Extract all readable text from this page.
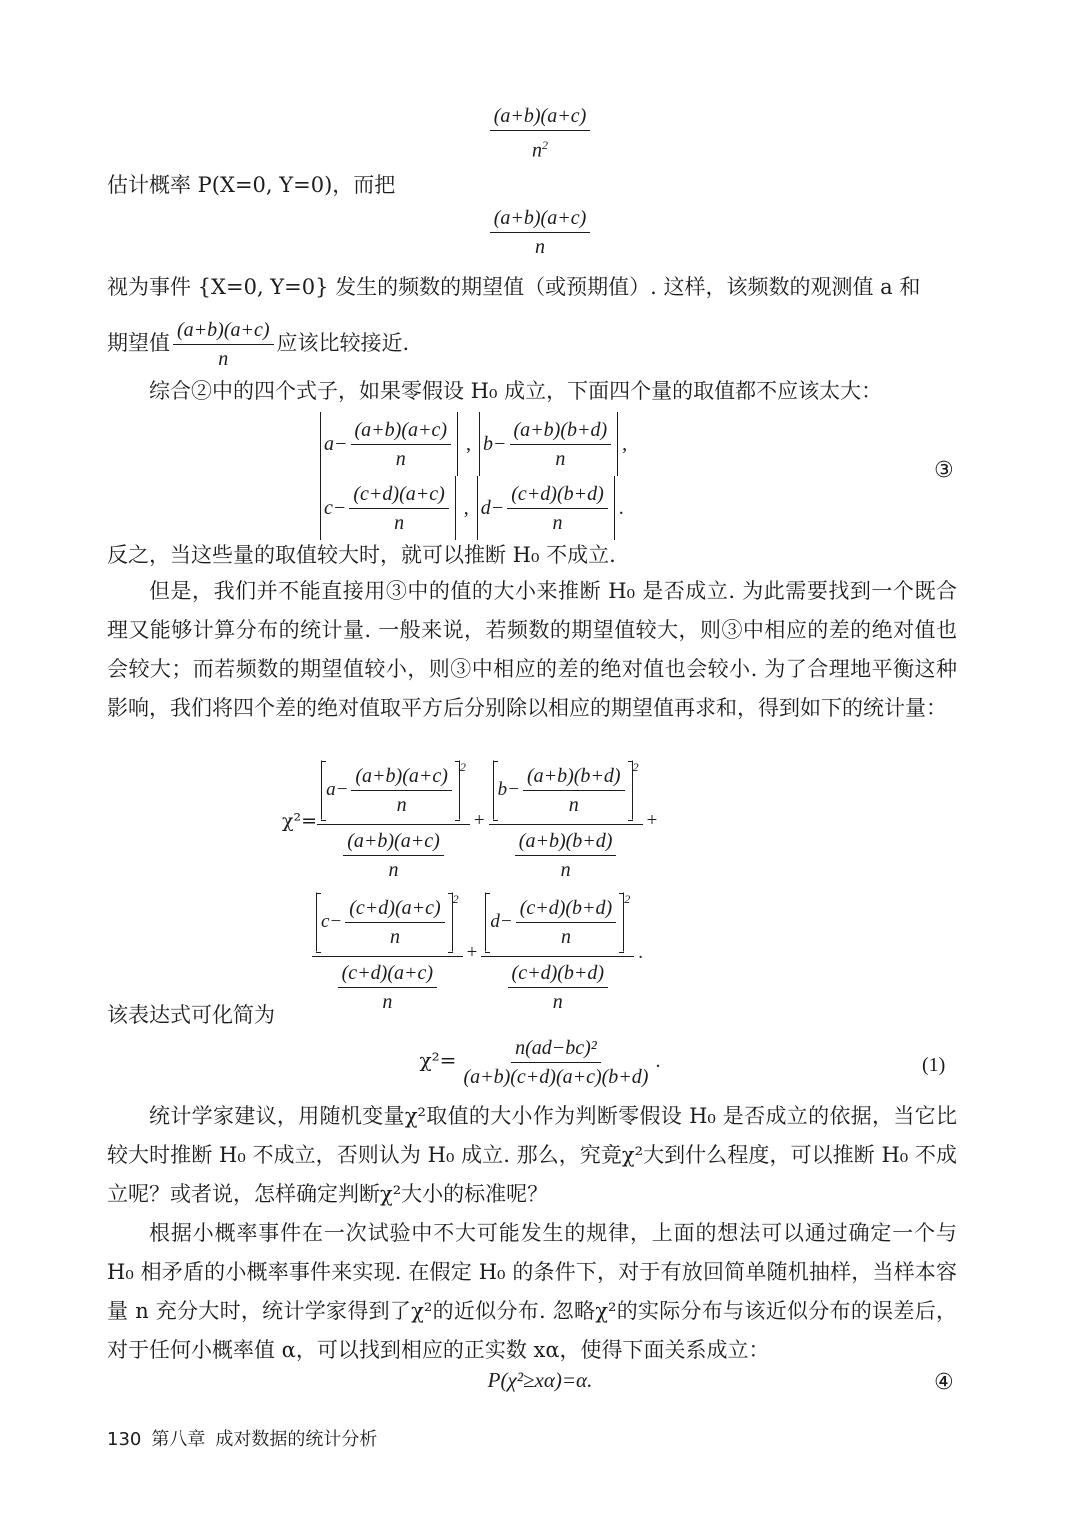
$\frac{(a+b)(a+c)}{n^2}$
估计概率 P(X=0, Y=0)，而把
$\frac{(a+b)(a+c)}{n}$
视为事件 {X=0, Y=0} 发生的频数的期望值（或预期值）. 这样，该频数的观测值 a 和
期望值 $\frac{(a+b)(a+c)}{n}$ 应该比较接近.
综合②中的四个式子，如果零假设 H₀ 成立，下面四个量的取值都不应该太大：
$a- \frac{(a+b)(a+c)}{n}$ , $b- \frac{(a+b)(b+d)}{n}$ ,
$c- \frac{(c+d)(a+c)}{n}$ , $d- \frac{(c+d)(b+d)}{n}$ .
③
反之，当这些量的取值较大时，就可以推断 H₀ 不成立.
但是，我们并不能直接用③中的值的大小来推断 H₀ 是否成立. 为此需要找到一个既合理又能够计算分布的统计量. 一般来说，若频数的期望值较大，则③中相应的差的绝对值也会较大；而若频数的期望值较小，则③中相应的差的绝对值也会较小. 为了合理地平衡这种影响，我们将四个差的绝对值取平方后分别除以相应的期望值再求和，得到如下的统计量：
$\chi^2= \frac{a- \frac{(a+b)(a+c)}{n} ^2}{\frac{(a+b)(a+c)}{n}} + \frac{b- \frac{(a+b)(b+d)}{n} ^2}{\frac{(a+b)(b+d)}{n}}$ +
$c- \frac{(c+d)(a+c)}{n} ^2$
$\frac{(c+d)(a+c)}{n}$
+ $\frac{d- \frac{(c+d)(b+d)}{n} ^2}{\frac{(c+d)(b+d)}{n}}$ .
该表达式可化简为
$\chi^2= \frac{\text{n(ad−bc)²}}{(a+b)(c+d)(a+c)(b+d)}$ .	(1)
统计学家建议，用随机变量χ²取值的大小作为判断零假设 H₀ 是否成立的依据，当它比较大时推断 H₀ 不成立，否则认为 H₀ 成立. 那么，究竟χ²大到什么程度，可以推断 H₀ 不成立呢？或者说，怎样确定判断χ²大小的标准呢？
根据小概率事件在一次试验中不大可能发生的规律，上面的想法可以通过确定一个与 H₀ 相矛盾的小概率事件来实现. 在假定 H₀ 的条件下，对于有放回简单随机抽样，当样本容量 n 充分大时，统计学家得到了χ²的近似分布. 忽略χ²的实际分布与该近似分布的误差后，对于任何小概率值 α，可以找到相应的正实数 xα，使得下面关系成立：
P(χ²≥xα)=α.	④
130 第八章 成对数据的统计分析
